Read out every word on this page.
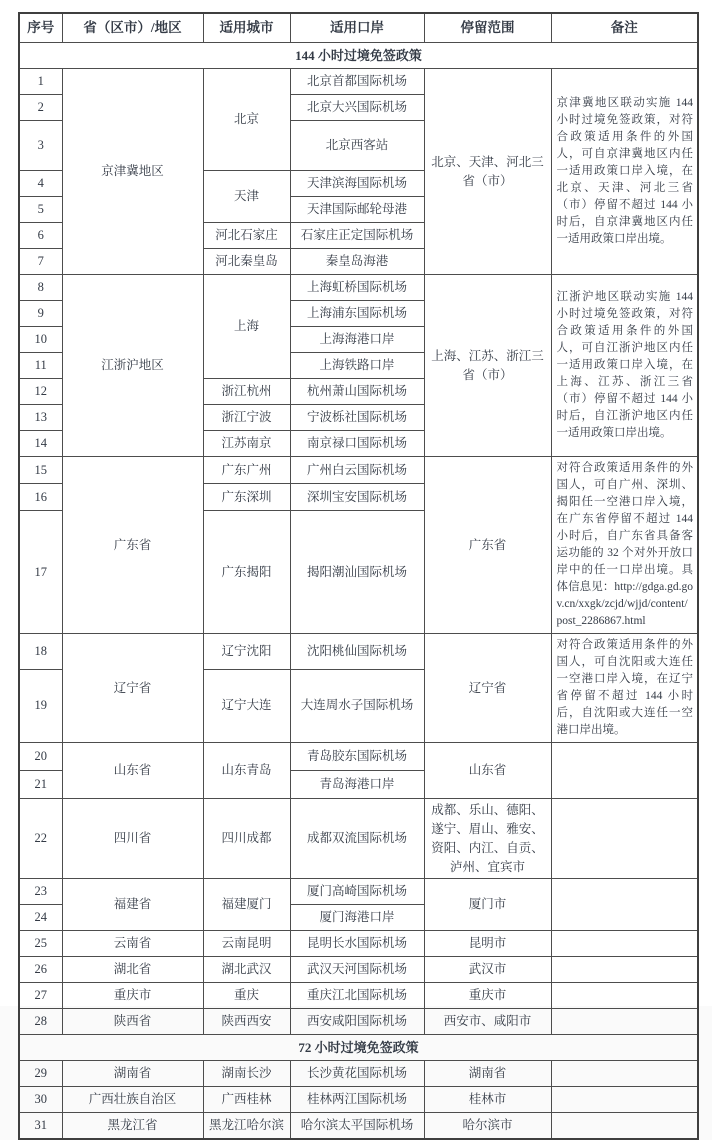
序号	省（区市）/地区	适用城市	适用口岸	停留范围	备注
144 小时过境免签政策					
1	京津冀地区	北京	北京首都国际机场	北京、天津、河北三省（市）	京津冀地区联动实施 144 小时过境免签政策，对符合政策适用条件的外国人，可自京津冀地区内任一适用政策口岸入境，在北京、天津、河北三省（市）停留不超过 144 小时后，自京津冀地区内任一适用政策口岸出境。
2			北京大兴国际机场		
3			北京西客站		
4		天津	天津滨海国际机场		
5			天津国际邮轮母港		
6		河北石家庄	石家庄正定国际机场		
7		河北秦皇岛	秦皇岛海港		
8	江浙沪地区	上海	上海虹桥国际机场	上海、江苏、浙江三省（市）	江浙沪地区联动实施 144 小时过境免签政策，对符合政策适用条件的外国人，可自江浙沪地区内任一适用政策口岸入境，在上海、江苏、浙江三省（市）停留不超过 144 小时后，自江浙沪地区内任一适用政策口岸出境。
9			上海浦东国际机场		
10			上海海港口岸		
11			上海铁路口岸		
12		浙江杭州	杭州萧山国际机场		
13		浙江宁波	宁波栎社国际机场		
14		江苏南京	南京禄口国际机场		
15	广东省	广东广州	广州白云国际机场	广东省	对符合政策适用条件的外国人，可自广州、深圳、揭阳任一空港口岸入境，在广东省停留不超过 144 小时后，自广东省具备客运功能的 32 个对外开放口岸中的任一口岸出境。具体信息见：http://gdga.gd.gov.cn/xxgk/zcjd/wjjd/content/post_2286867.html
16		广东深圳	深圳宝安国际机场		
17		广东揭阳	揭阳潮汕国际机场		
18	辽宁省	辽宁沈阳	沈阳桃仙国际机场	辽宁省	对符合政策适用条件的外国人，可自沈阳或大连任一空港口岸入境，在辽宁省停留不超过 144 小时后，自沈阳或大连任一空港口岸出境。
19		辽宁大连	大连周水子国际机场		
20	山东省	山东青岛	青岛胶东国际机场	山东省	
21			青岛海港口岸		
22	四川省	四川成都	成都双流国际机场	成都、乐山、德阳、遂宁、眉山、雅安、资阳、内江、自贡、泸州、宜宾市	
23	福建省	福建厦门	厦门高崎国际机场	厦门市	
24			厦门海港口岸		
25	云南省	云南昆明	昆明长水国际机场	昆明市	
26	湖北省	湖北武汉	武汉天河国际机场	武汉市	
27	重庆市	重庆	重庆江北国际机场	重庆市	
28	陕西省	陕西西安	西安咸阳国际机场	西安市、咸阳市	
72 小时过境免签政策					
29	湖南省	湖南长沙	长沙黄花国际机场	湖南省	
30	广西壮族自治区	广西桂林	桂林两江国际机场	桂林市	
31	黑龙江省	黑龙江哈尔滨	哈尔滨太平国际机场	哈尔滨市	
